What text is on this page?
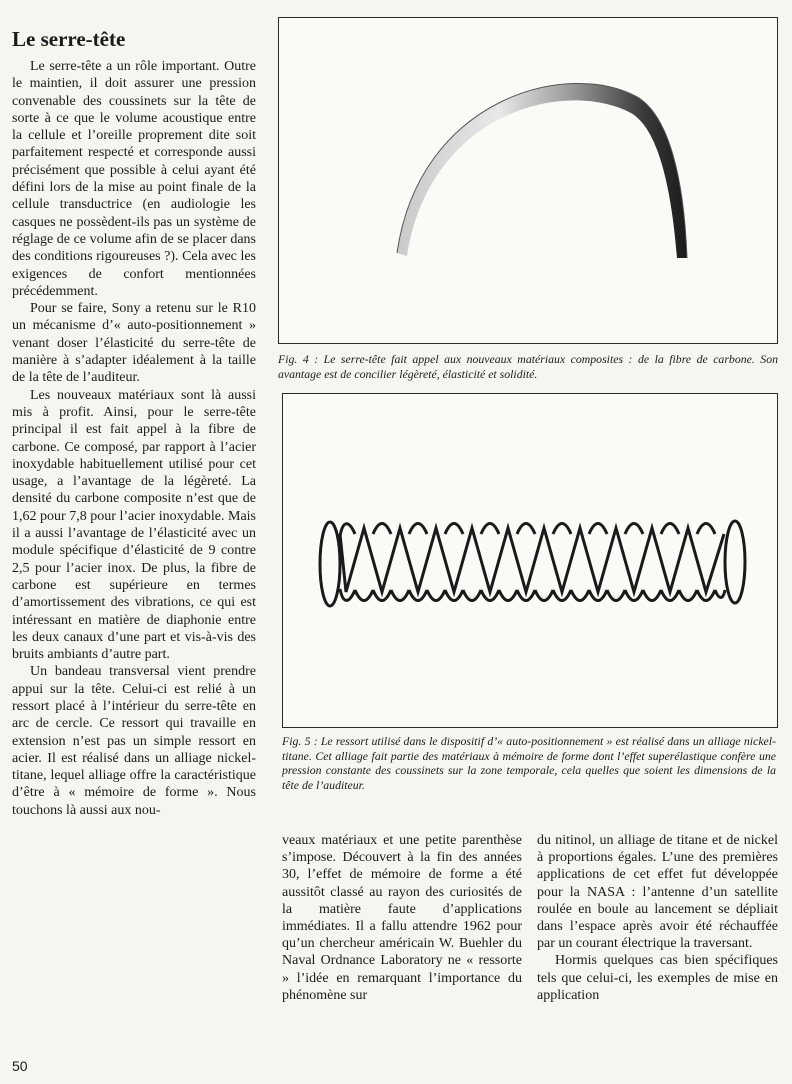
Le serre-tête

Le serre-tête a un rôle important. Outre le maintien, il doit assurer une pression convenable des coussinets sur la tête de sorte à ce que le volume acoustique entre la cellule et l’oreille proprement dite soit parfaitement respecté et corresponde aussi précisément que possible à celui ayant été défini lors de la mise au point finale de la cellule transductrice (en audiologie les casques ne possèdent-ils pas un système de réglage de ce volume afin de se placer dans des conditions rigoureuses ?). Cela avec les exigences de confort mentionnées précédemment.

Pour se faire, Sony a retenu sur le R10 un mécanisme d’« auto-positionnement » venant doser l’élasticité du serre-tête de manière à s’adapter idéalement à la taille de la tête de l’auditeur.

Les nouveaux matériaux sont là aussi mis à profit. Ainsi, pour le serre-tête principal il est fait appel à la fibre de carbone. Ce composé, par rapport à l’acier inoxydable habituellement utilisé pour cet usage, a l’avantage de la légèreté. La densité du carbone composite n’est que de 1,62 pour 7,8 pour l’acier inoxydable. Mais il a aussi l’avantage de l’élasticité avec un module spécifique d’élasticité de 9 contre 2,5 pour l’acier inox. De plus, la fibre de carbone est supérieure en termes d’amortissement des vibrations, ce qui est intéressant en matière de diaphonie entre les deux canaux d’une part et vis-à-vis des bruits ambiants d’autre part.

Un bandeau transversal vient prendre appui sur la tête. Celui-ci est relié à un ressort placé à l’intérieur du serre-tête en arc de cercle. Ce ressort qui travaille en extension n’est pas un simple ressort en acier. Il est réalisé dans un alliage nickel-titane, lequel alliage offre la caractéristique d’être à « mémoire de forme ». Nous touchons là aussi aux nou-

Fig. 4 : Le serre-tête fait appel aux nouveaux matériaux composites : de la fibre de carbone. Son avantage est de concilier légèreté, élasticité et solidité.

Fig. 5 : Le ressort utilisé dans le dispositif d’« auto-positionnement » est réalisé dans un alliage nickel-titane. Cet alliage fait partie des matériaux à mémoire de forme dont l’effet superélastique confère une pression constante des coussinets sur la zone temporale, cela quelles que soient les dimensions de la tête de l’auditeur.

veaux matériaux et une petite parenthèse s’impose. Découvert à la fin des années 30, l’effet de mémoire de forme a été aussitôt classé au rayon des curiosités de la matière faute d’applications immédiates. Il a fallu attendre 1962 pour qu’un chercheur américain W. Buehler du Naval Ordnance Laboratory ne « ressorte » l’idée en remarquant l’importance du phénomène sur

du nitinol, un alliage de titane et de nickel à proportions égales. L’une des premières applications de cet effet fut développée pour la NASA : l’antenne d’un satellite roulée en boule au lancement se dépliait dans l’espace après avoir été réchauffée par un courant électrique la traversant.

Hormis quelques cas bien spécifiques tels que celui-ci, les exemples de mise en application

50
